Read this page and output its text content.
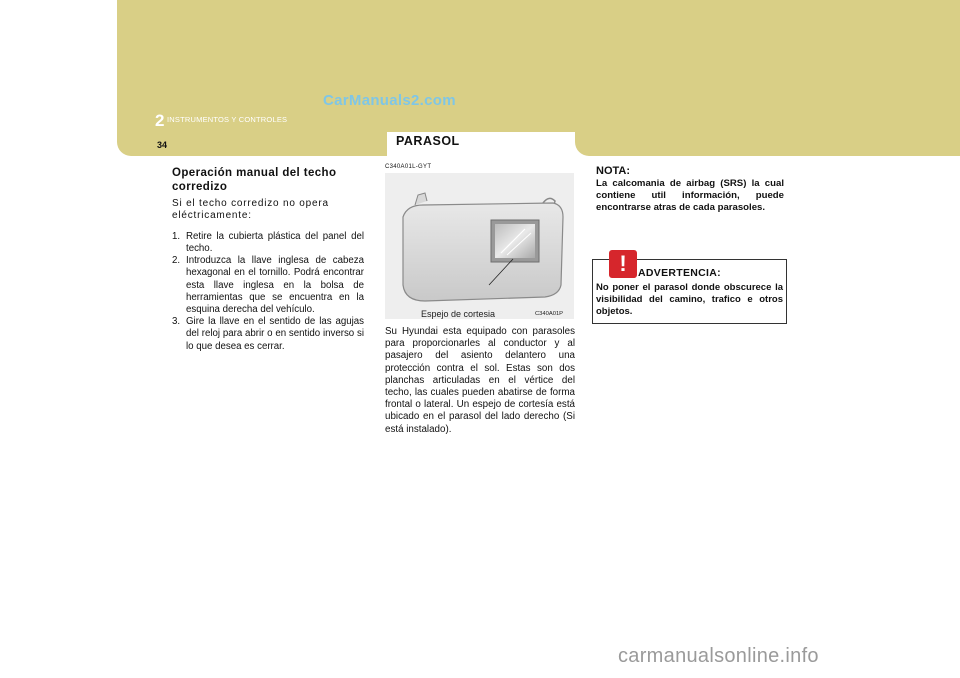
CarManuals2.com
2 INSTRUMENTOS Y CONTROLES
34	PARASOL
Operación manual del techo corredizo

Si el techo corredizo no opera eléctricamente:

1. Retire la cubierta plástica del panel del techo.
2. Introduzca la llave inglesa de cabeza hexagonal en el tornillo. Podrá encontrar esta llave inglesa en la bolsa de herramientas que se encuentra en la esquina derecha del vehículo.
3. Gire la llave en el sentido de las agujas del reloj para abrir o en sentido inverso si lo que desea es cerrar.
C340A01L-GYT
Espejo de cortesia	C340A01P

Su Hyundai esta equipado con parasoles para proporcionarles al conductor y al pasajero del asiento delantero una protección contra el sol. Estas son dos planchas articuladas en el vértice del techo, las cuales pueden abatirse de forma frontal o lateral. Un espejo de cortesía está ubicado en el parasol del lado derecho (Si está instalado).

NOTA:

La calcomania de airbag (SRS) la cual contiene util información, puede encontrarse atras de cada parasoles.

!	ADVERTENCIA:
No poner el parasol donde obscurece la visibilidad del camino, trafico e otros objetos.
carmanualsonline.info
